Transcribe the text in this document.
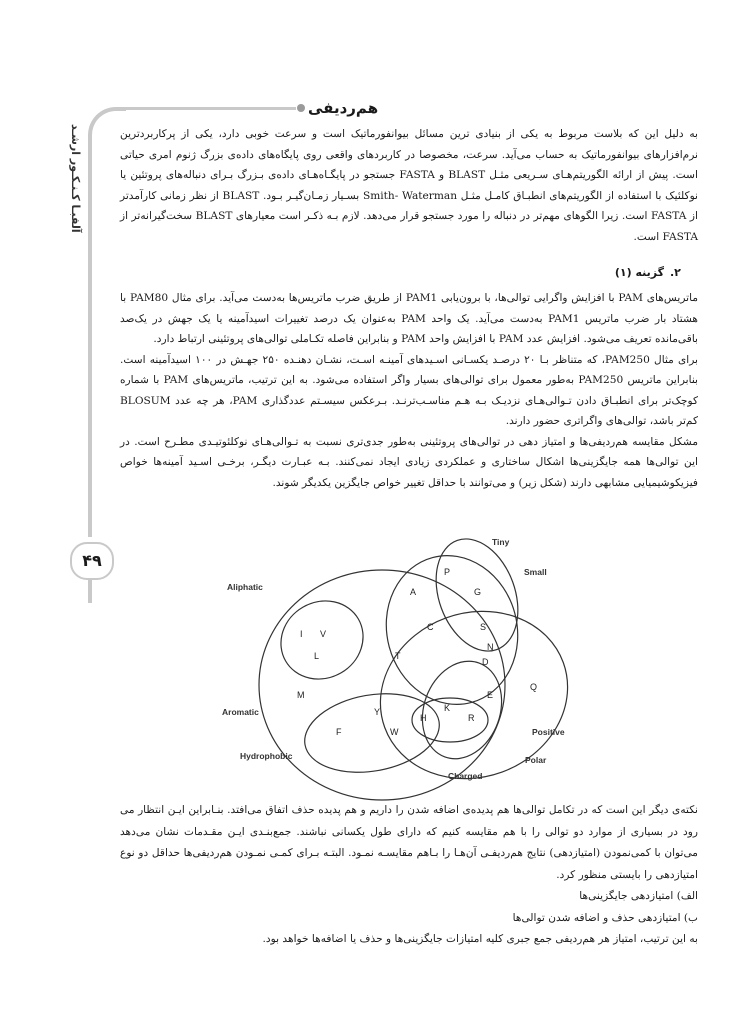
هم‌ردیفی
آلفبـا کـنـکـور ارشـد
۴۹

به دلیل این که بلاست مربوط به یکی از بنیادی ترین مسائل بیوانفورماتیک است و سرعت خوبی دارد، یکی از پرکاربردترین نرم‌افزارهای بیوانفورماتیک به حساب می‌آید. سرعت، مخصوصا در کاربردهای واقعی روی پایگاه‌های داده‌ی بزرگ ژنوم امری حیاتی است. پیش از ارائه الگوریتم‌هـای سـریعی مثـل BLAST و FASTA جستجو در پایگـاه‌هـای داده‌ی بـزرگ بـرای دنباله‌های پروتئین یا نوکلئیک با استفاده از الگوریتم‌های انطبـاق کامـل مثـل Smith- Waterman بسـیار زمـان‌گیـر بـود. BLAST از نظر زمانی کارآمدتر از FASTA است. زیرا الگوهای مهم‌تر در دنباله را مورد جستجو قرار می‌دهد. لازم بـه ذکـر است معیارهای BLAST سخت‌گیرانه‌تر از FASTA است.

.۲
گزینه (۱)

ماتریس‌های PAM با افزایش واگرایی توالی‌ها، با برون‌یابی PAM1 از طریق ضرب ماتریس‌ها به‌دست می‌آید. برای مثال PAM80 با هشتاد بار ضرب ماتریس PAM1 به‌دست می‌آید. یک واحد PAM به‌عنوان یک درصد تغییرات اسیدآمینه یا یک جهش در یک‌صد باقی‌مانده تعریف می‌شود. افزایش عدد PAM با افزایش واحد PAM و بنابراین فاصله تکـاملی توالی‌های پروتئینی ارتباط دارد.

برای مثال PAM250، که متناظر بـا ۲۰ درصـد یکسـانی اسـیدهای آمینـه اسـت، نشـان دهنـده ۲۵۰ جهـش در ۱۰۰ اسیدآمینه است. بنابراین ماتریس PAM250 به‌طور معمول برای توالی‌های بسیار واگر استفاده می‌شود. به این ترتیب، ماتریس‌های PAM با شماره کوچک‌تر برای انطبـاق دادن تـوالی‌هـای نزدیـک بـه هـم مناسـب‌ترنـد. بـرعکس سیسـتم عددگذاری PAM، هر چه عدد BLOSUM کم‌تر باشد، توالی‌های واگراتری حضور دارند.

مشکل مقایسه هم‌ردیفی‌ها و امتیاز دهی در توالی‌های پروتئینی به‌طور جدی‌تری نسبت به تـوالی‌هـای نوکلئوتیـدی مطـرح است. در این توالی‌ها همه جایگزینی‌ها اشکال ساختاری و عملکردی زیادی ایجاد نمی‌کنند. بـه عبـارت دیگـر، برخـی اسـید آمینه‌ها خواص فیزیکوشیمیایی مشابهی دارند (شکل زیر) و می‌توانند با حداقل تغییر خواص جایگزین یکدیگر شوند.

Tiny
Small
Aliphatic
Aromatic
Hydrophobic
Positive
Polar
Charged
P
A	G
C	S
I V
L	T
N
D
Q
E
M
Y	K
H	R
F	W

نکته‌ی دیگر این است که در تکامل توالی‌ها هم پدیده‌ی اضافه شدن را داریم و هم پدیده حذف اتفاق می‌افتد. بنـابراین ایـن انتظار می رود در بسیاری از موارد دو توالی را با هم مقایسه کنیم که دارای طول یکسانی نباشند. جمع‌بنـدی ایـن مقـدمات نشان می‌دهد می‌توان با کمی‌نمودن (امتیازدهی) نتایج هم‌ردیفـی آن‌هـا را بـاهم مقایسـه نمـود. البتـه بـرای کمـی نمـودن هم‌ردیفی‌ها حداقل دو نوع امتیازدهی را بایستی منظور کرد.

الف) امتیازدهی جایگزینی‌ها

ب) امتیازدهی حذف و اضافه شدن توالی‌ها

به این ترتیب، امتیاز هر هم‌ردیفی جمع جبری کلیه امتیازات جایگزینی‌ها و حذف یا اضافه‌ها خواهد بود.
